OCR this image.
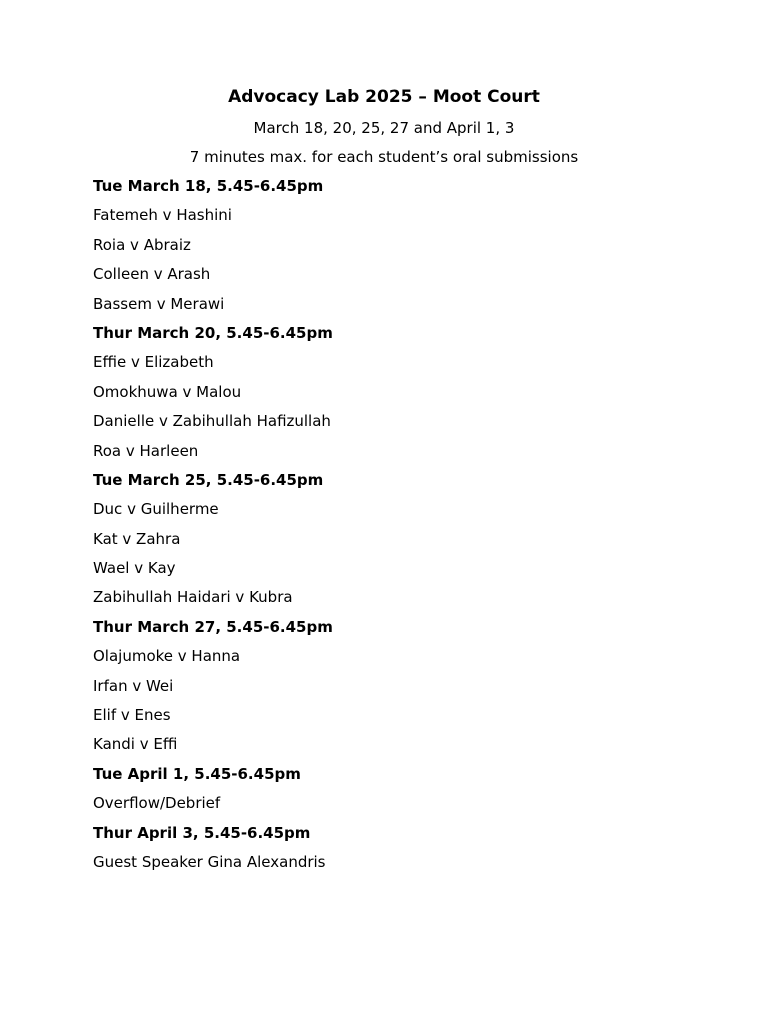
Advocacy Lab 2025 – Moot Court
March 18, 20, 25, 27 and April 1, 3
7 minutes max. for each student’s oral submissions
Tue March 18, 5.45-6.45pm
Fatemeh v Hashini
Roia v Abraiz
Colleen v Arash
Bassem v Merawi
Thur March 20, 5.45-6.45pm
Effie v Elizabeth
Omokhuwa v Malou
Danielle v Zabihullah Hafizullah
Roa v Harleen
Tue March 25, 5.45-6.45pm
Duc v Guilherme
Kat v Zahra
Wael v Kay
Zabihullah Haidari v Kubra
Thur March 27, 5.45-6.45pm
Olajumoke v Hanna
Irfan v Wei
Elif v Enes
Kandi v Effi
Tue April 1, 5.45-6.45pm
Overflow/Debrief
Thur April 3, 5.45-6.45pm
Guest Speaker Gina Alexandris
